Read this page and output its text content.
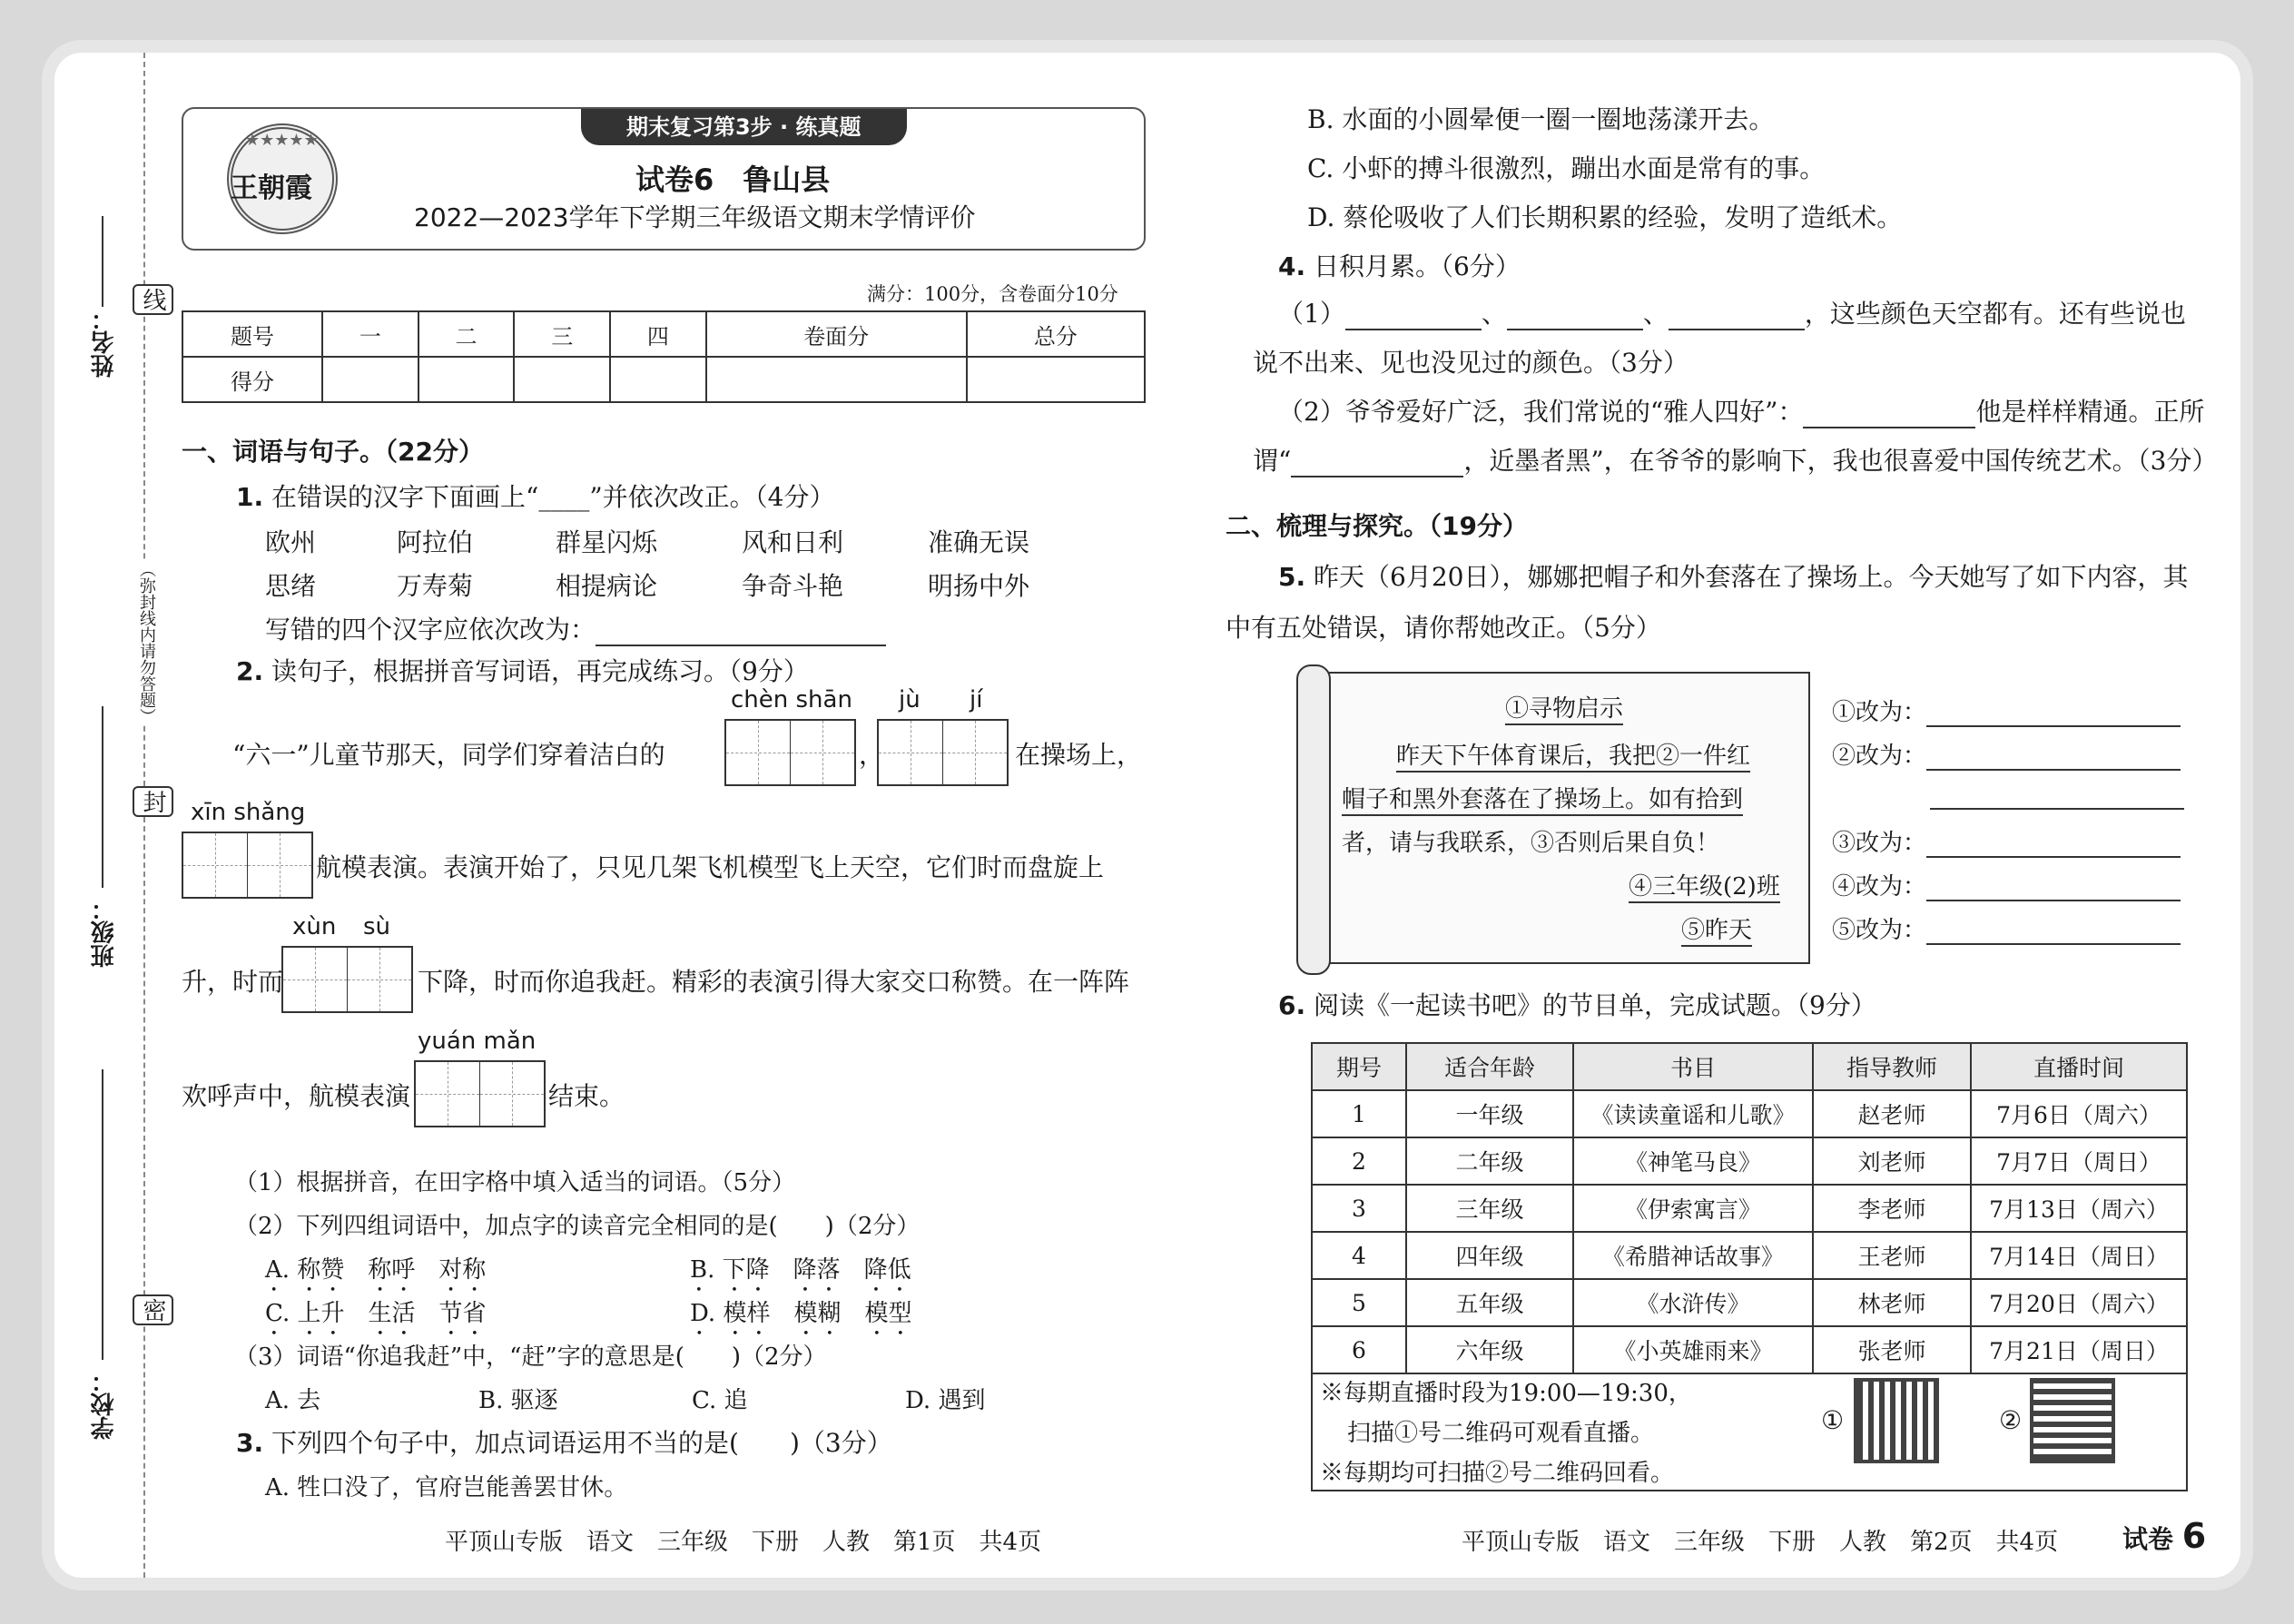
姓名：
班级：
学校：
线
（弥封线内请勿答题）
封
密
★★★★★
王朝霞
期末复习第3步 · 练真题
试卷6　鲁山县
2022—2023学年下学期三年级语文期末学情评价
满分：100分，含卷面分10分
题号	一	二	三	四	卷面分	总分
得分						
一、词语与句子。（22分）
1. 在错误的汉字下面画上“____”并依次改正。（4分）
欧州	阿拉伯	群星闪烁	风和日利	准确无误
思绪	万寿菊	相提病论	争奇斗艳	明扬中外
写错的四个汉字应依次改为：
2. 读句子，根据拼音写词语，再完成练习。（9分）
chèn shān jù jí
“六一”儿童节那天，同学们穿着洁白的	，	在操场上，
xīn shǎng
航模表演。表演开始了，只见几架飞机模型飞上天空，它们时而盘旋上
xùn sù
升，时而	下降，时而你追我赶。精彩的表演引得大家交口称赞。在一阵阵
yuán mǎn
欢呼声中，航模表演	结束。
（1）根据拼音，在田字格中填入适当的词语。（5分）
（2）下列四组词语中，加点字的读音完全相同的是(　　)（2分）
A. 称赞　称呼　对称	B. 下降　降落　降低
C. 上升　生活　节省	D. 模样　模糊　模型
（3）词语“你追我赶”中，“赶”字的意思是(　　)（2分）
A. 去	B. 驱逐	C. 追	D. 遇到
3. 下列四个句子中，加点词语运用不当的是(　　)（3分）
A. 牲口没了，官府岂能善罢甘休。
平顶山专版　语文　三年级　下册　人教　第1页　共4页
B. 水面的小圆晕便一圈一圈地荡漾开去。
C. 小虾的搏斗很激烈，蹦出水面是常有的事。
D. 蔡伦吸收了人们长期积累的经验，发明了造纸术。
4. 日积月累。（6分）
（1）	、	、	，这些颜色天空都有。还有些说也
说不出来、见也没见过的颜色。（3分）
（2）爷爷爱好广泛，我们常说的“雅人四好”：	他是样样精通。正所
谓“	，近墨者黑”，在爷爷的影响下，我也很喜爱中国传统艺术。（3分）
二、梳理与探究。（19分）
5. 昨天（6月20日），娜娜把帽子和外套落在了操场上。今天她写了如下内容，其
中有五处错误，请你帮她改正。（5分）
①寻物启示
昨天下午体育课后，我把②一件红
帽子和黑外套落在了操场上。如有拾到
者，请与我联系，③否则后果自负！
④三年级(2)班
⑤昨天
①改为：
②改为：
③改为：
④改为：
⑤改为：
6. 阅读《一起读书吧》的节目单，完成试题。（9分）
期号	适合年龄	书目	指导教师	直播时间
1	一年级	《读读童谣和儿歌》	赵老师	7月6日（周六）
2	二年级	《神笔马良》	刘老师	7月7日（周日）
3	三年级	《伊索寓言》	李老师	7月13日（周六）
4	四年级	《希腊神话故事》	王老师	7月14日（周日）
5	五年级	《水浒传》	林老师	7月20日（周六）
6	六年级	《小英雄雨来》	张老师	7月21日（周日）
※每期直播时段为19:00—19:30，
扫描①号二维码可观看直播。
※每期均可扫描②号二维码回看。
①	②
平顶山专版　语文　三年级　下册　人教　第2页　共4页	试卷 6
